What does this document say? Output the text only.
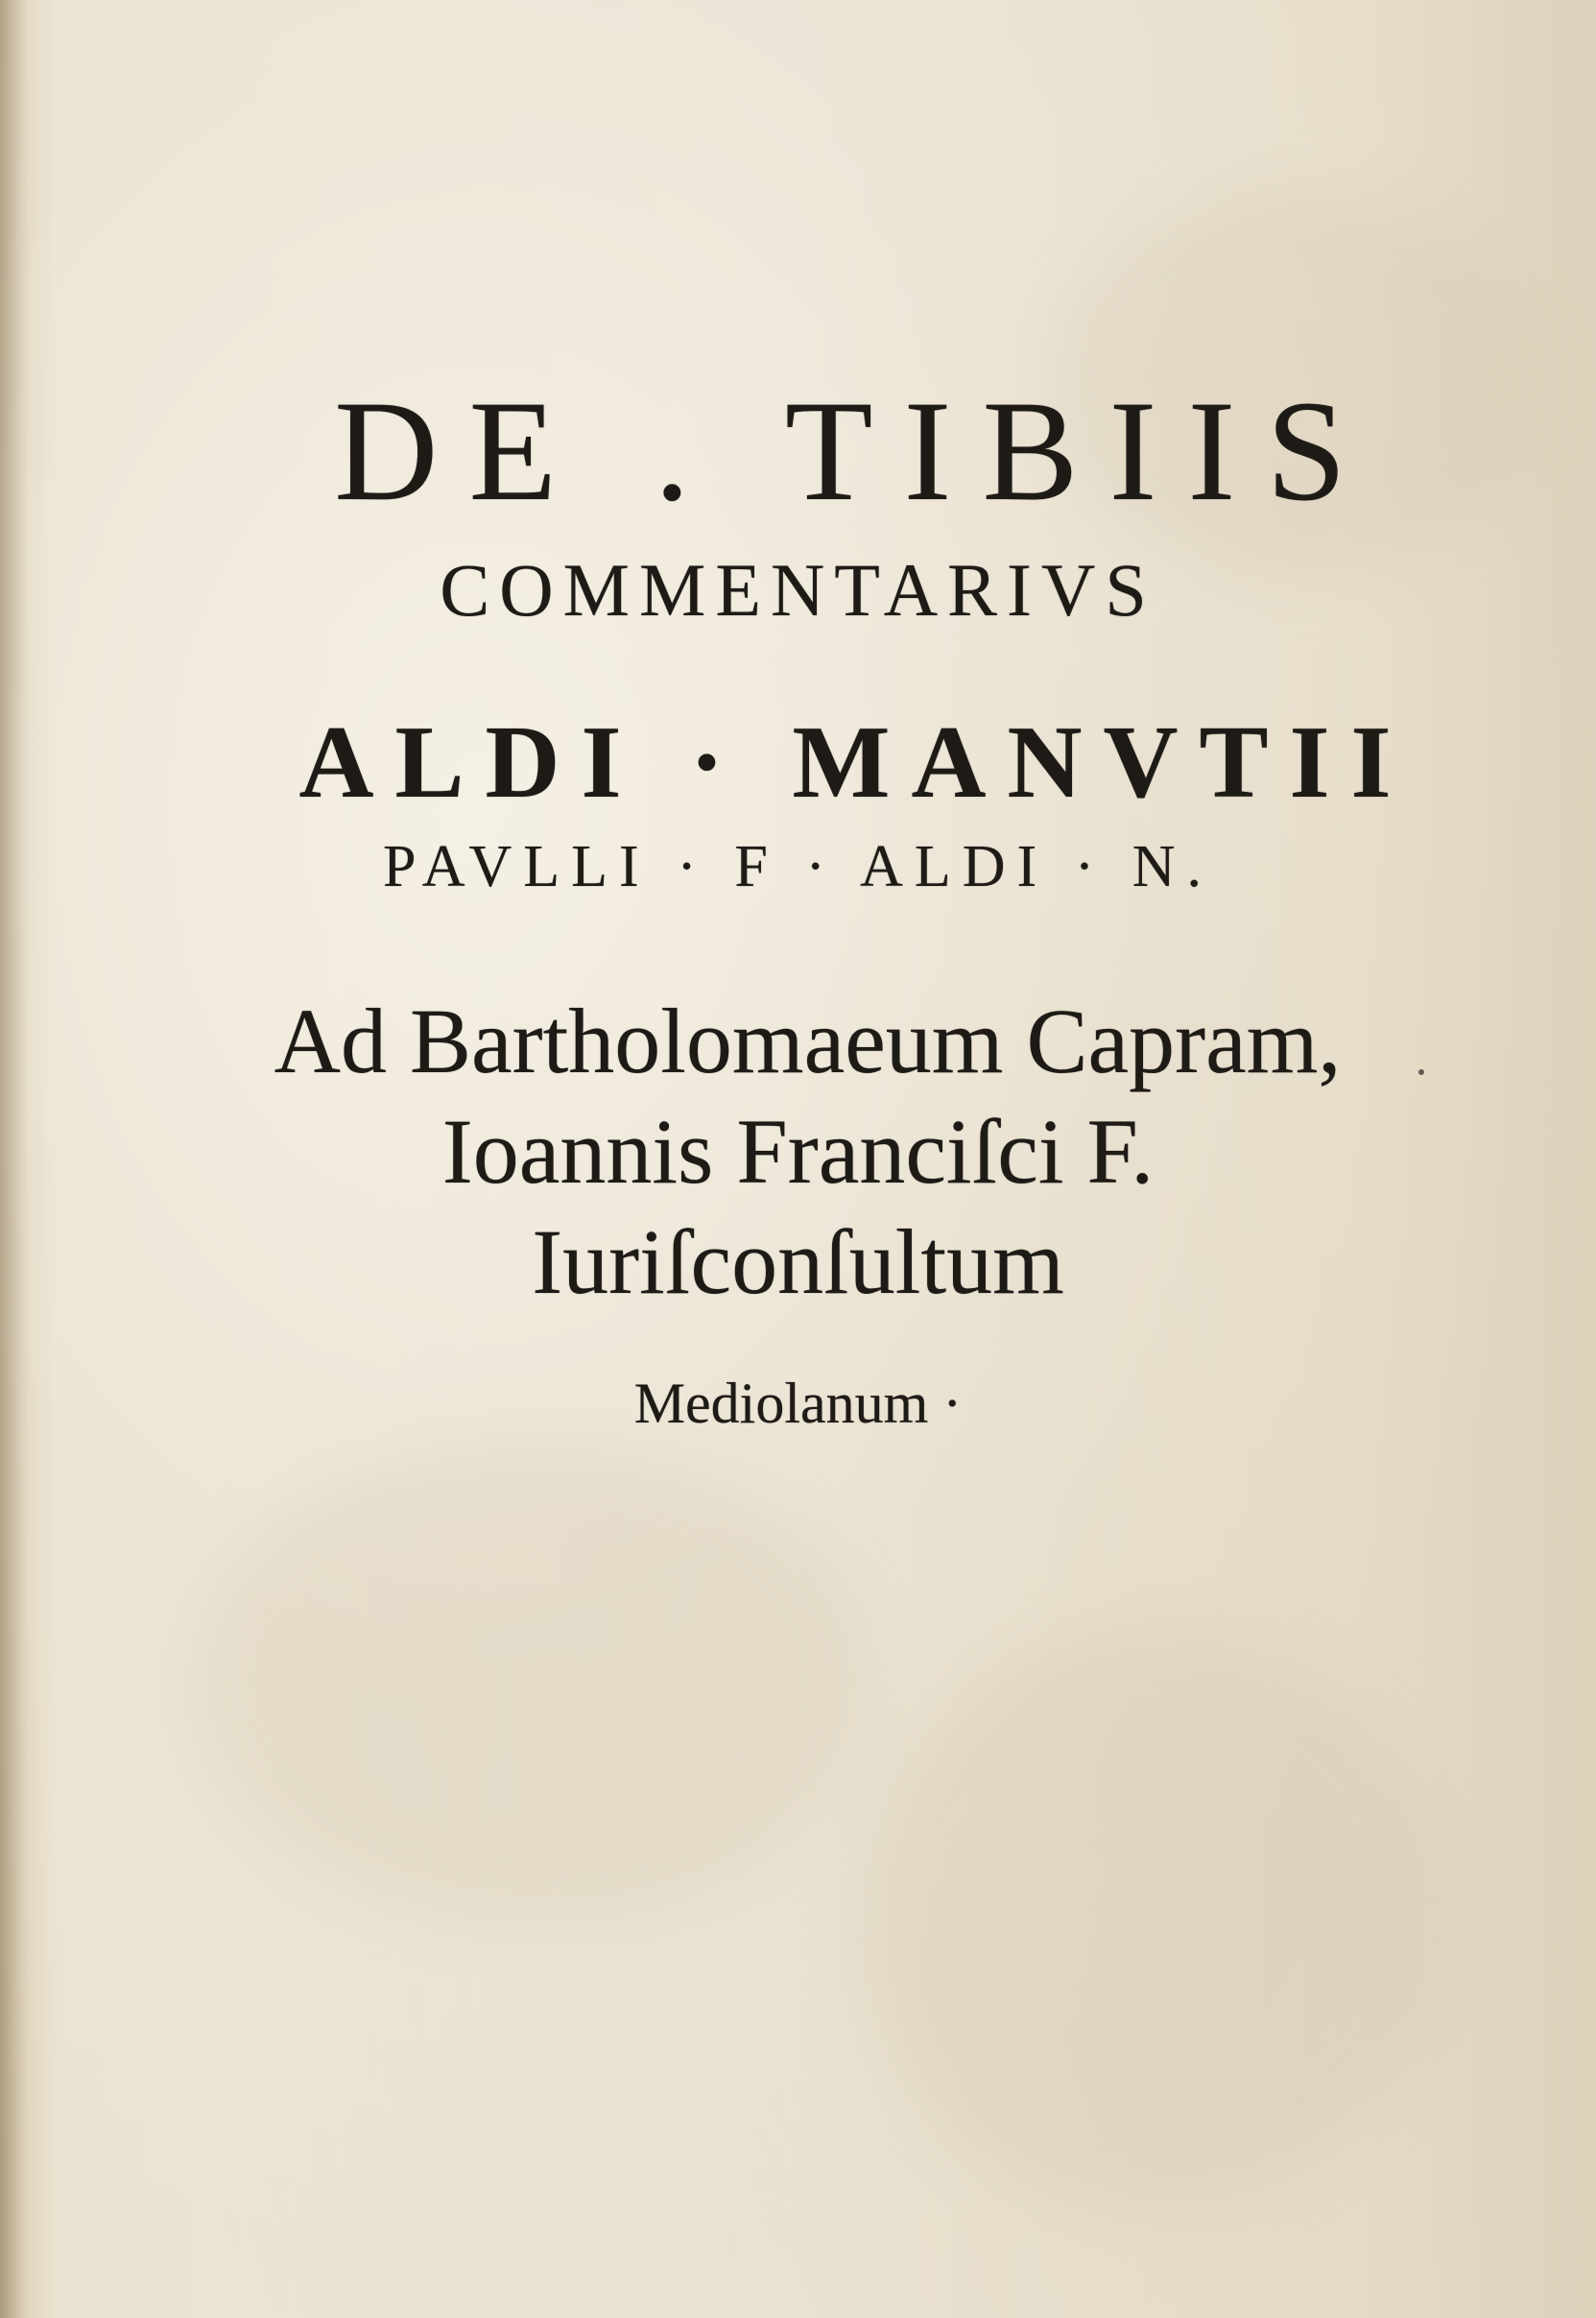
DE . TIBIIS
COMMENTARIVS
ALDI · MANVTII
PAVLLI · F · ALDI · N.
Ad Bartholomaeum Capram,
Ioannis Franciſci F.
Iuriſconſultum
Mediolanum ·
